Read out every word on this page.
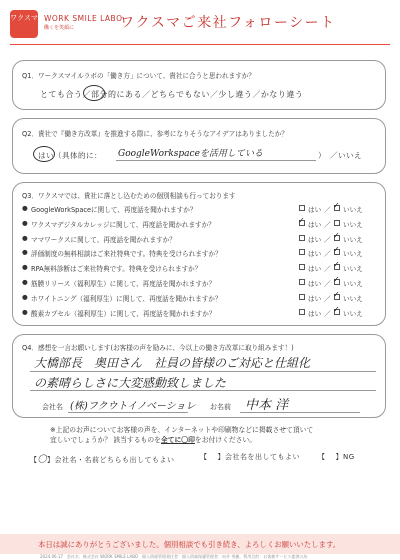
ワクスマ WORK SMILE LABO
働くを笑顔に	ワクスマご来社フォローシート
Q1．ワークスマイルラボの「働き方」について、貴社に合うと思われますか？
とても合う／部分的にある／どちらでもない／少し違う／かなり違う
Q2．貴社で『働き方改革』を推進する際に、参考になりそうなアイデアはありましたか？
はい（具体的に： GoogleWorkspaceを活用している	） ／いいえ
Q3．ワクスマでは、貴社に落とし込むための個別相談も行っております
● GoogleWorkSpaceに関して、再度話を聞かれますか？	はい ／ いいえ
✓
● ワクスマデジタルカレッジに関して、再度話を聞かれますか？	はい ／ いいえ
✓
● ママワークスに関して、再度話を聞かれますか？	はい ／ いいえ
✓
● 評価制度の無料相談はご来社特典です。特典を受けられますか？	はい ／ いいえ
✓
● RPA無料診断はご来社特典です。特典を受けられますか？	はい ／ いいえ
✓
● 筋膜リリース（福利厚生）に関して、再度話を聞かれますか？	はい ／ いいえ
✓
● ホワイトニング（福利厚生）に関して、再度話を聞かれますか？	はい ／ いいえ
✓
● 酸素カプセル（福利厚生）に関して、再度話を聞かれますか？	はい ／ いいえ
✓
Q4．感想を一言お願いします(お客様の声を励みに、今以上の働き方改革に取り組みます！)
大橋部長　奥田さん　社員の皆様のご対応と仕組化
の素晴らしさに大変感動致しました
会社名 (株)フクウトイノベーショレ お名前 中本 洋
※上記のお声についてお客様の声を、インターネットや印刷物などに掲載させて頂いて
宜しいでしょうか？ 該当するものを全てに〇印をお付けください。
【〇】会社名・名前どちらも出してもよい	【 】会社名を出してもよい	【 】NG
本日は誠にありがとうございました。個別相談でも引き続き、よろしくお願いいたします。
2024.06.17　会社名：株式会社 WORK SMILE LABO　個人情報管理責任者：個人情報保護管理者：向井 秀穂、利用目的：お客様サービス提供の為
